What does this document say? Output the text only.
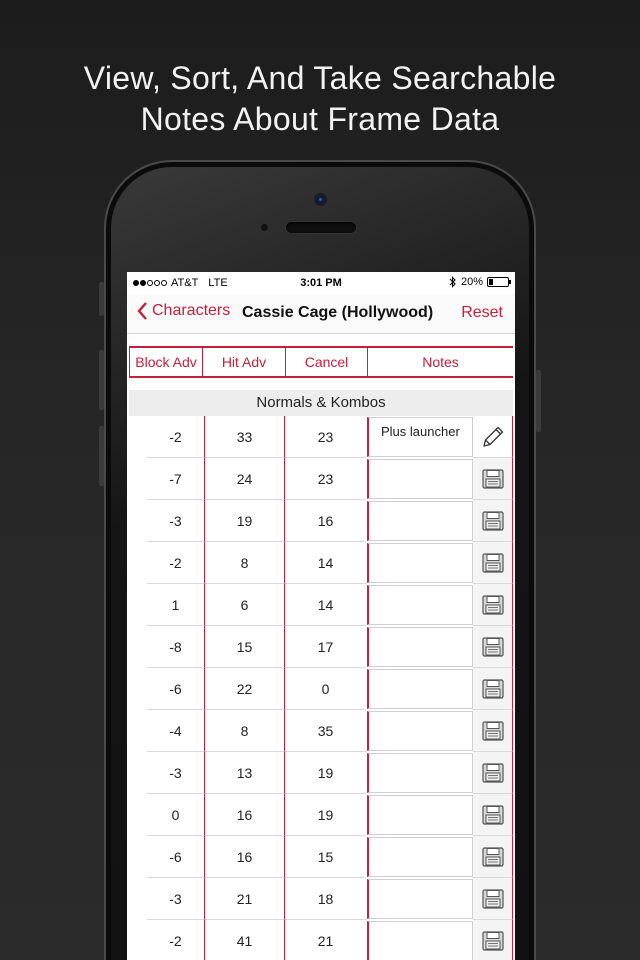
View, Sort, And Take Searchable
Notes About Frame Data
AT&T LTE	3:01 PM	20%
Characters Cassie Cage (Hollywood) Reset
Block Adv	Hit Adv	Cancel	Notes
Normals & Kombos
-2	33	23	Plus launcher
-7	24	23
-3	19	16
-2	8	14
1	6	14
-8	15	17
-6	22	0
-4	8	35
-3	13	19
0	16	19
-6	16	15
-3	21	18
-2	41	21
